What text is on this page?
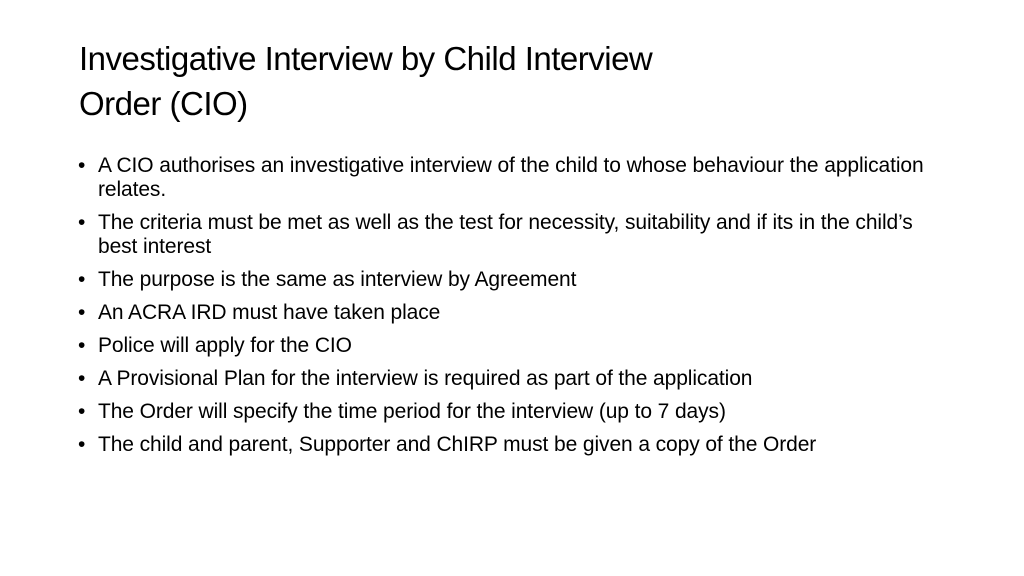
Investigative Interview by Child Interview
Order (CIO)
• A CIO authorises an investigative interview of the child to whose behaviour the application relates.
• The criteria must be met as well as the test for necessity, suitability and if its in the child’s best interest
• The purpose is the same as interview by Agreement
• An ACRA IRD must have taken place
• Police will apply for the CIO
• A Provisional Plan for the interview is required as part of the application
• The Order will specify the time period for the interview (up to 7 days)
• The child and parent, Supporter and ChIRP must be given a copy of the Order
